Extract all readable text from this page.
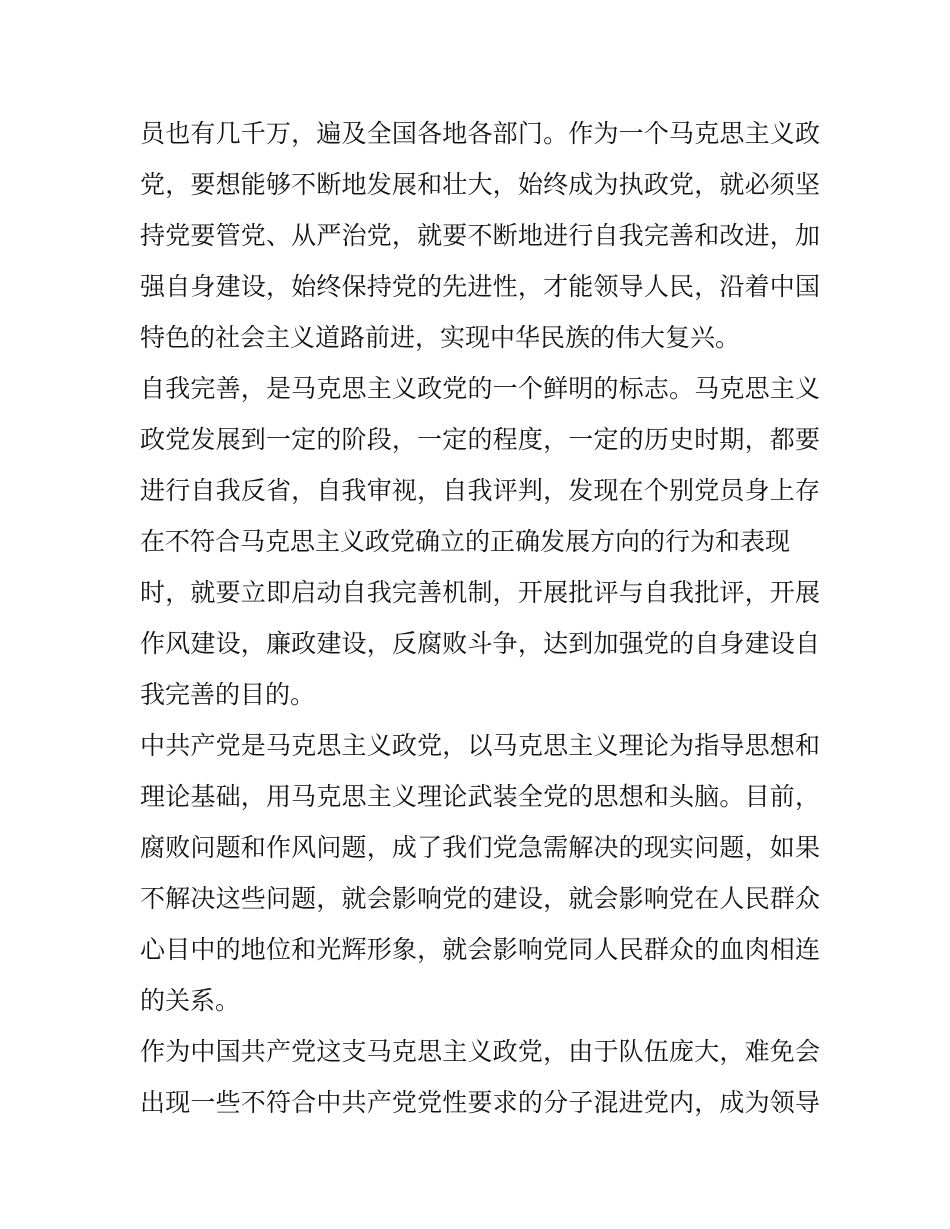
员也有几千万，遍及全国各地各部门。作为一个马克思主义政
党，要想能够不断地发展和壮大，始终成为执政党，就必须坚
持党要管党、从严治党，就要不断地进行自我完善和改进，加
强自身建设，始终保持党的先进性，才能领导人民，沿着中国
特色的社会主义道路前进，实现中华民族的伟大复兴。
自我完善，是马克思主义政党的一个鲜明的标志。马克思主义
政党发展到一定的阶段，一定的程度，一定的历史时期，都要
进行自我反省，自我审视，自我评判，发现在个别党员身上存
在不符合马克思主义政党确立的正确发展方向的行为和表现
时，就要立即启动自我完善机制，开展批评与自我批评，开展
作风建设，廉政建设，反腐败斗争，达到加强党的自身建设自
我完善的目的。
中共产党是马克思主义政党，以马克思主义理论为指导思想和
理论基础，用马克思主义理论武装全党的思想和头脑。目前，
腐败问题和作风问题，成了我们党急需解决的现实问题，如果
不解决这些问题，就会影响党的建设，就会影响党在人民群众
心目中的地位和光辉形象，就会影响党同人民群众的血肉相连
的关系。
作为中国共产党这支马克思主义政党，由于队伍庞大，难免会
出现一些不符合中共产党党性要求的分子混进党内，成为领导
